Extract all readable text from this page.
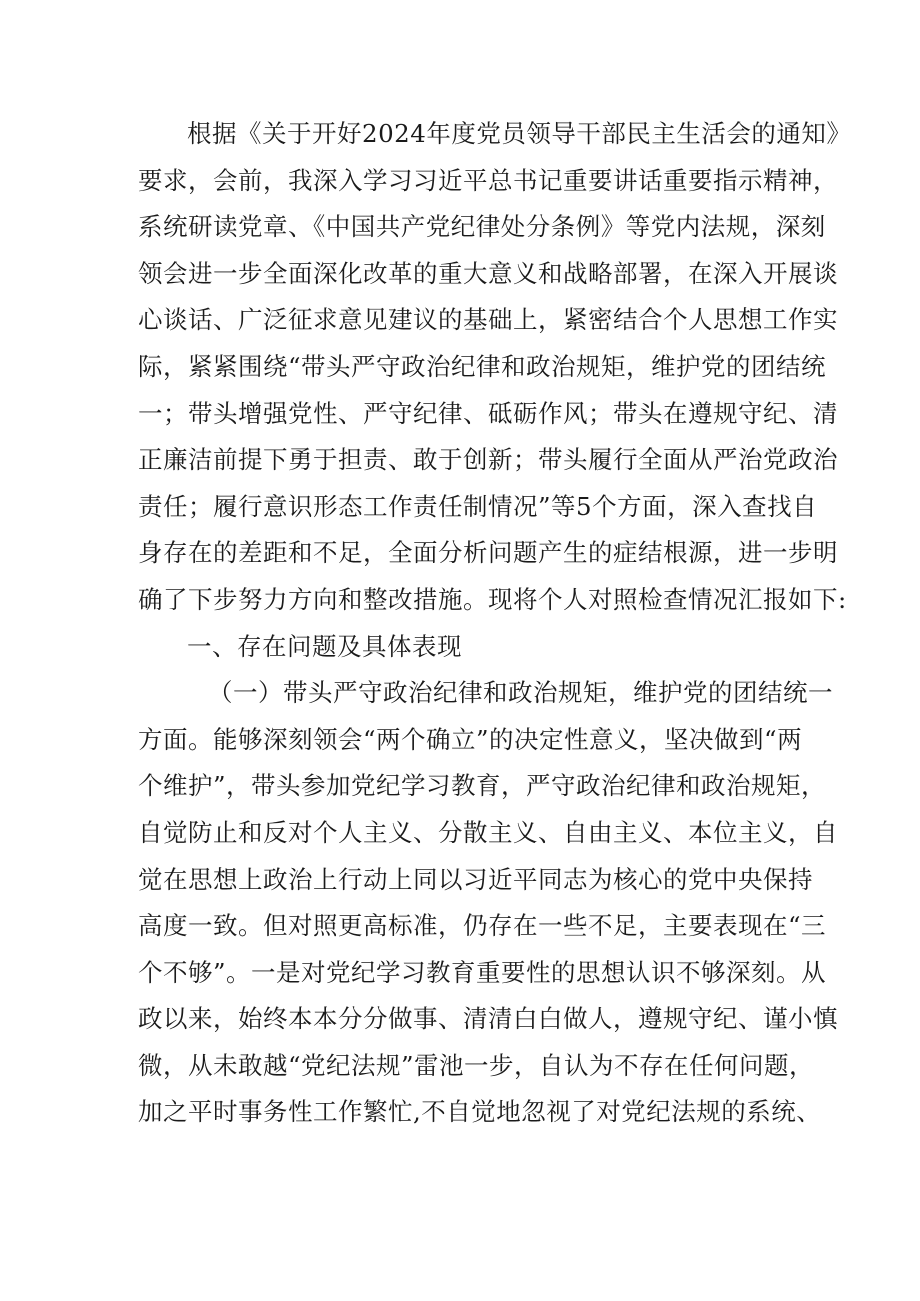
根据《关于开好2024年度党员领导干部民主生活会的通知》
要求，会前，我深入学习习近平总书记重要讲话重要指示精神，
系统研读党章、《中国共产党纪律处分条例》等党内法规，深刻
领会进一步全面深化改革的重大意义和战略部署，在深入开展谈
心谈话、广泛征求意见建议的基础上，紧密结合个人思想工作实
际，紧紧围绕“带头严守政治纪律和政治规矩，维护党的团结统
一；带头增强党性、严守纪律、砥砺作风；带头在遵规守纪、清
正廉洁前提下勇于担责、敢于创新；带头履行全面从严治党政治
责任；履行意识形态工作责任制情况”等5个方面，深入查找自
身存在的差距和不足，全面分析问题产生的症结根源，进一步明
确了下步努力方向和整改措施。现将个人对照检查情况汇报如下:
一、存在问题及具体表现
（一）带头严守政治纪律和政治规矩，维护党的团结统一
方面。能够深刻领会“两个确立”的决定性意义，坚决做到“两
个维护”，带头参加党纪学习教育，严守政治纪律和政治规矩，
自觉防止和反对个人主义、分散主义、自由主义、本位主义，自
觉在思想上政治上行动上同以习近平同志为核心的党中央保持
高度一致。但对照更高标准，仍存在一些不足，主要表现在“三
个不够”。一是对党纪学习教育重要性的思想认识不够深刻。从
政以来，始终本本分分做事、清清白白做人，遵规守纪、谨小慎
微，从未敢越“党纪法规”雷池一步，自认为不存在任何问题，
加之平时事务性工作繁忙,不自觉地忽视了对党纪法规的系统、
